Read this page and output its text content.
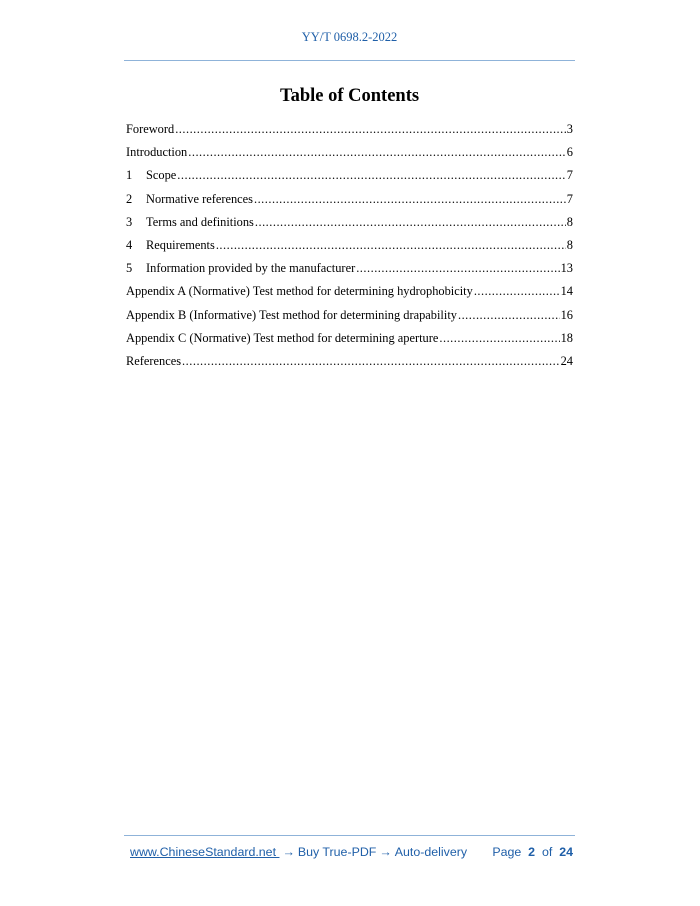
YY/T 0698.2-2022
Table of Contents
Foreword .....	3
Introduction .....	6
1	Scope .....	7
2	Normative references .....	7
3	Terms and definitions .....	8
4	Requirements .....	8
5	Information provided by the manufacturer .....	13
Appendix A (Normative) Test method for determining hydrophobicity .....	14
Appendix B (Informative) Test method for determining drapability .....	16
Appendix C (Normative) Test method for determining aperture .....	18
References .....	24
www.ChineseStandard.net → Buy True-PDF → Auto-delivery Page 2 of 24
